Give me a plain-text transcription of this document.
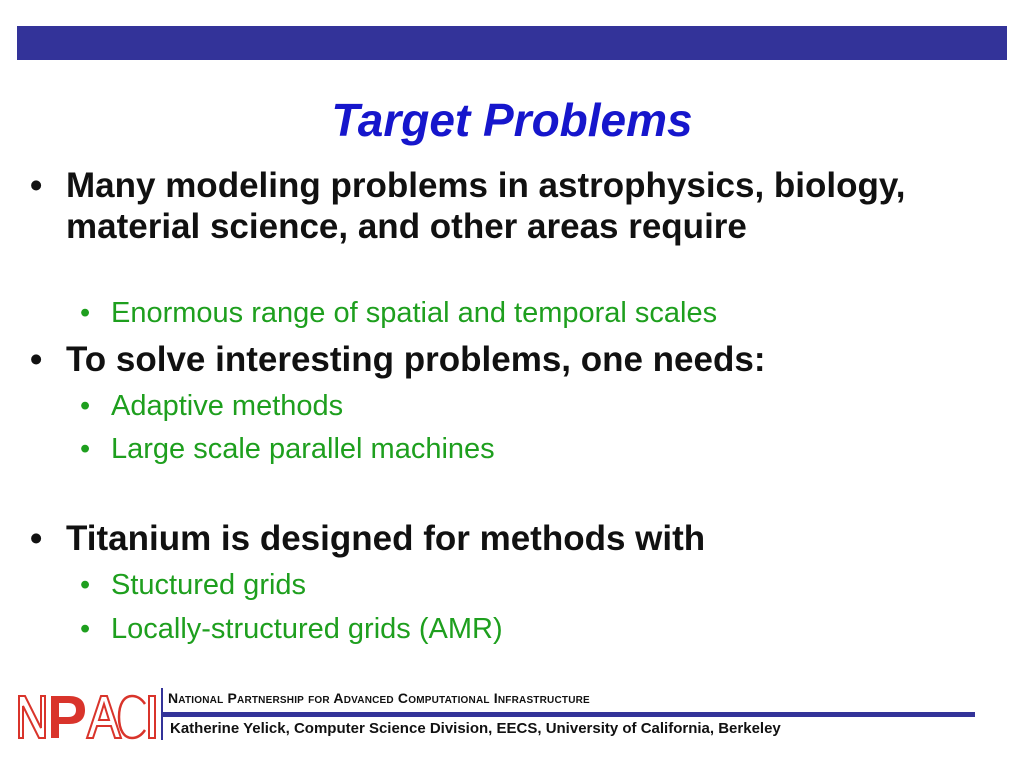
Target Problems
• Many modeling problems in astrophysics, biology, material science, and other areas require
• Enormous range of spatial and temporal scales
• To solve interesting problems, one needs:
• Adaptive methods
• Large scale parallel machines
• Titanium is designed for methods with
• Stuctured grids
• Locally-structured grids (AMR)
National Partnership for Advanced Computational Infrastructure
Katherine Yelick, Computer Science Division, EECS, University of California, Berkeley
